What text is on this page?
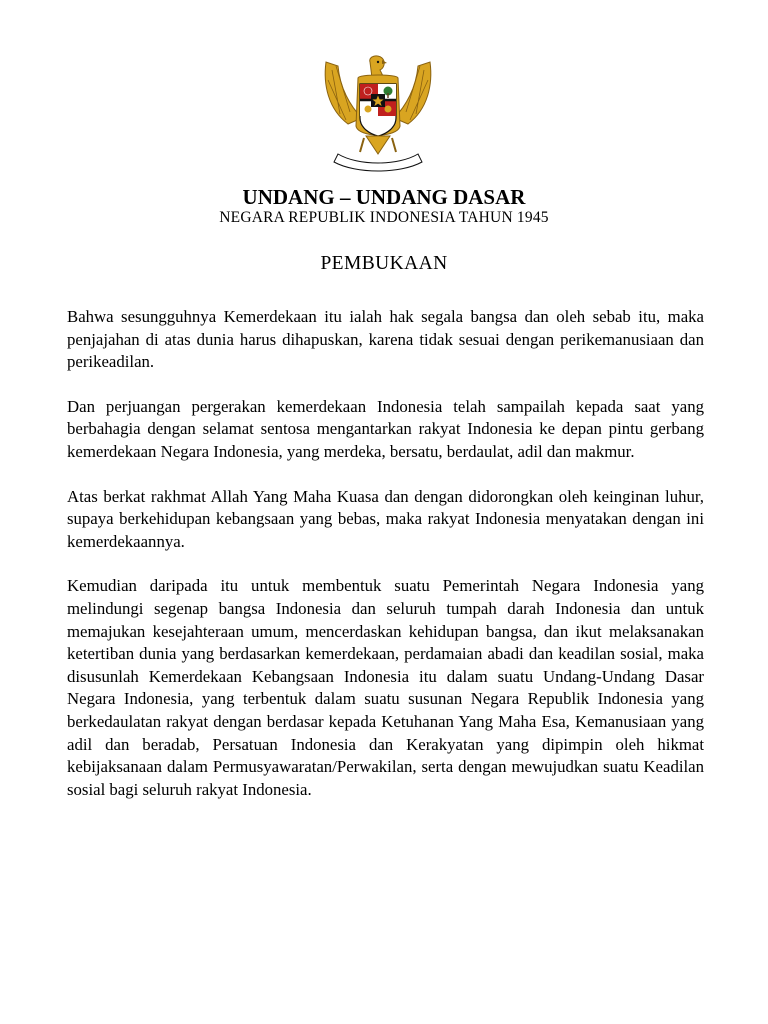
UNDANG – UNDANG DASAR
NEGARA REPUBLIK INDONESIA TAHUN 1945
PEMBUKAAN

Bahwa sesungguhnya Kemerdekaan itu ialah hak segala bangsa dan oleh sebab itu, maka penjajahan di atas dunia harus dihapuskan, karena tidak sesuai dengan perikemanusiaan dan perikeadilan.

Dan perjuangan pergerakan kemerdekaan Indonesia telah sampailah kepada saat yang berbahagia dengan selamat sentosa mengantarkan rakyat Indonesia ke depan pintu gerbang kemerdekaan Negara Indonesia, yang merdeka, bersatu, berdaulat, adil dan makmur.

Atas berkat rakhmat Allah Yang Maha Kuasa dan dengan didorongkan oleh keinginan luhur, supaya berkehidupan kebangsaan yang bebas, maka rakyat Indonesia menyatakan dengan ini kemerdekaannya.

Kemudian daripada itu untuk membentuk suatu Pemerintah Negara Indonesia yang melindungi segenap bangsa Indonesia dan seluruh tumpah darah Indonesia dan untuk memajukan kesejahteraan umum, mencerdaskan kehidupan bangsa, dan ikut melaksanakan ketertiban dunia yang berdasarkan kemerdekaan, perdamaian abadi dan keadilan sosial, maka disusunlah Kemerdekaan Kebangsaan Indonesia itu dalam suatu Undang-Undang Dasar Negara Indonesia, yang terbentuk dalam suatu susunan Negara Republik Indonesia yang berkedaulatan rakyat dengan berdasar kepada Ketuhanan Yang Maha Esa, Kemanusiaan yang adil dan beradab, Persatuan Indonesia dan Kerakyatan yang dipimpin oleh hikmat kebijaksanaan dalam Permusyawaratan/Perwakilan, serta dengan mewujudkan suatu Keadilan sosial bagi seluruh rakyat Indonesia.
